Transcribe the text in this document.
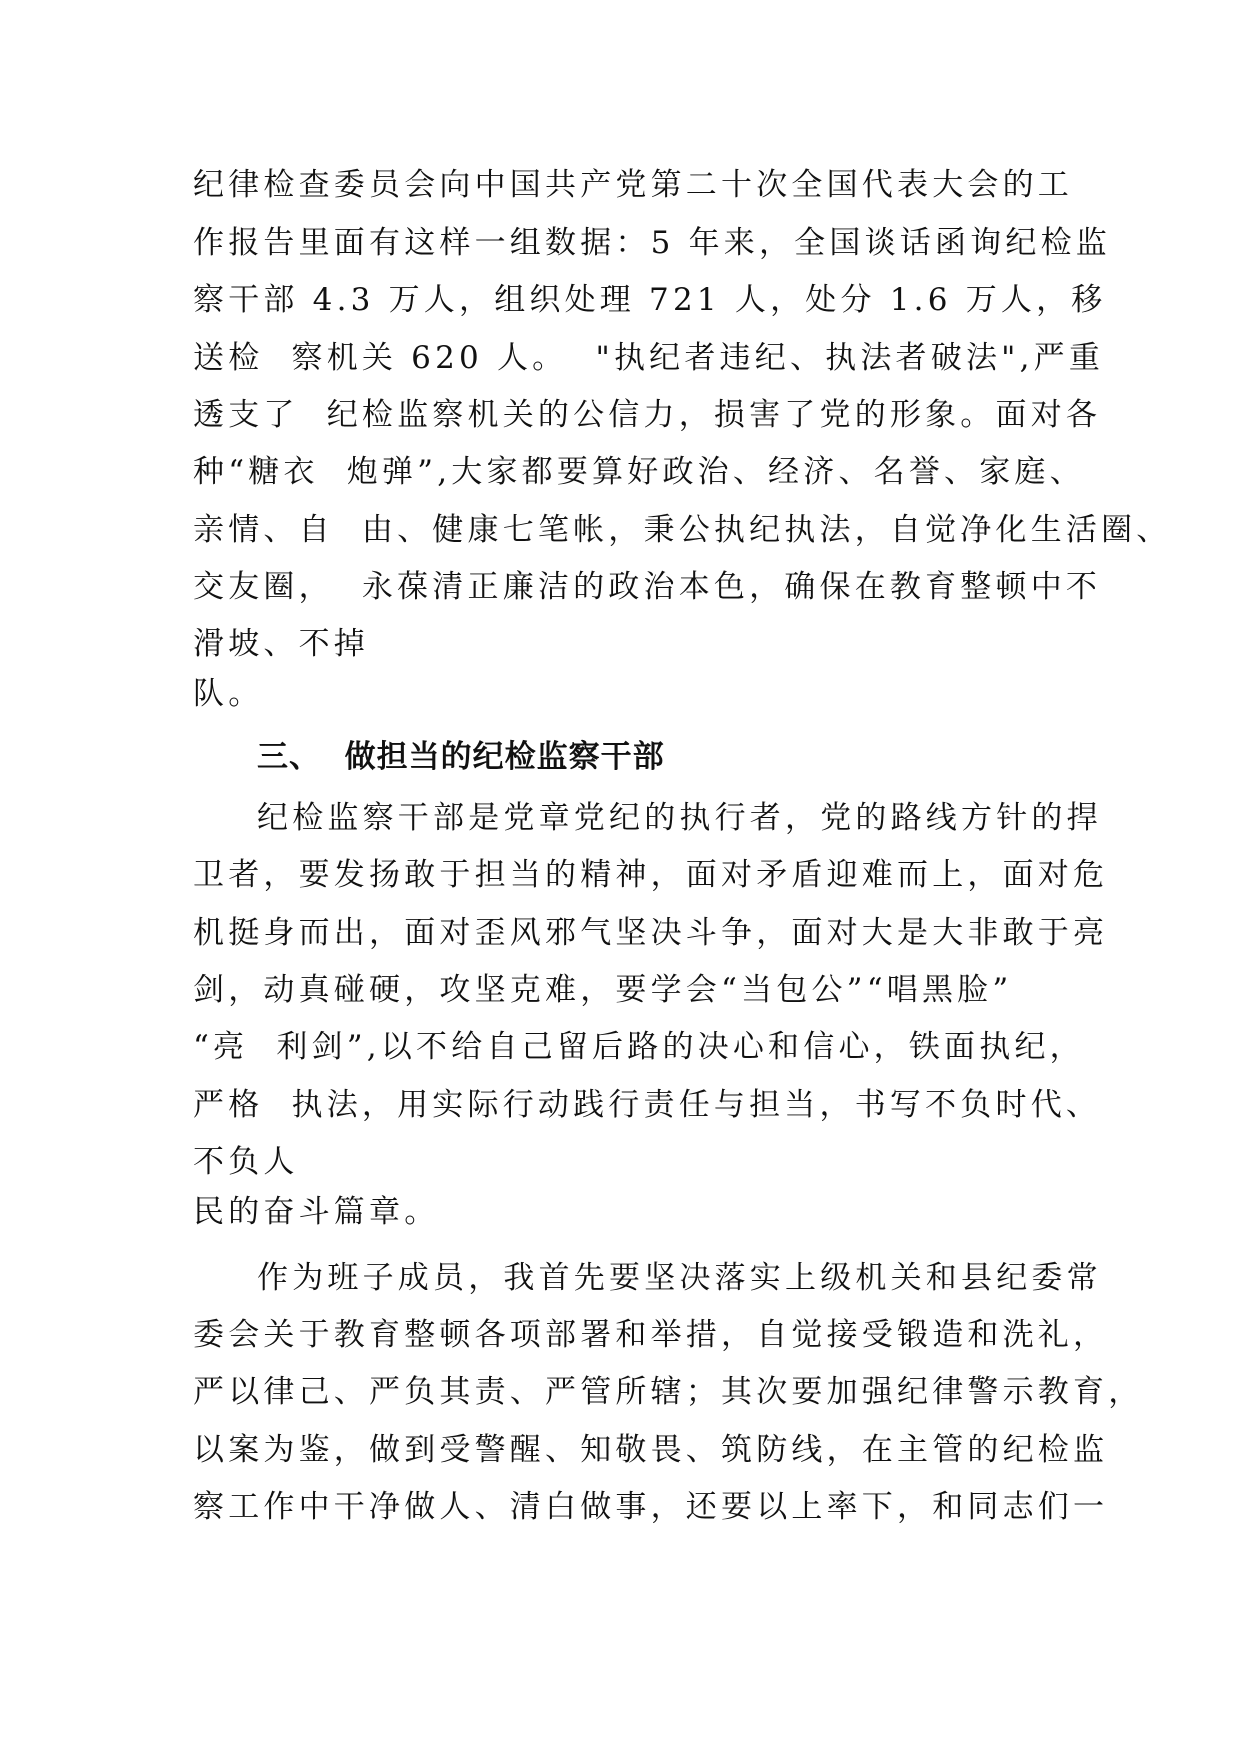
纪律检查委员会向中国共产党第二十次全国代表大会的工

作报告里面有这样一组数据：5 年来，全国谈话函询纪检监

察干部 4.3 万人，组织处理 721 人，处分 1.6 万人，移

送检  察机关 620 人。  "执纪者违纪、执法者破法",严重

透支了  纪检监察机关的公信力，损害了党的形象。面对各

种“糖衣  炮弹”,大家都要算好政治、经济、名誉、家庭、

亲情、自  由、健康七笔帐，秉公执纪执法，自觉净化生活圈、

交友圈，  永葆清正廉洁的政治本色，确保在教育整顿中不

滑坡、不掉

队。

三、  做担当的纪检监察干部

纪检监察干部是党章党纪的执行者，党的路线方针的捍

卫者，要发扬敢于担当的精神，面对矛盾迎难而上，面对危

机挺身而出，面对歪风邪气坚决斗争，面对大是大非敢于亮

剑，动真碰硬，攻坚克难，要学会“当包公”“唱黑脸”

“亮  利剑”,以不给自己留后路的决心和信心，铁面执纪，

严格  执法，用实际行动践行责任与担当，书写不负时代、

不负人

民的奋斗篇章。

作为班子成员，我首先要坚决落实上级机关和县纪委常

委会关于教育整顿各项部署和举措，自觉接受锻造和洗礼，

严以律己、严负其责、严管所辖；其次要加强纪律警示教育，

以案为鉴，做到受警醒、知敬畏、筑防线，在主管的纪检监

察工作中干净做人、清白做事，还要以上率下，和同志们一
